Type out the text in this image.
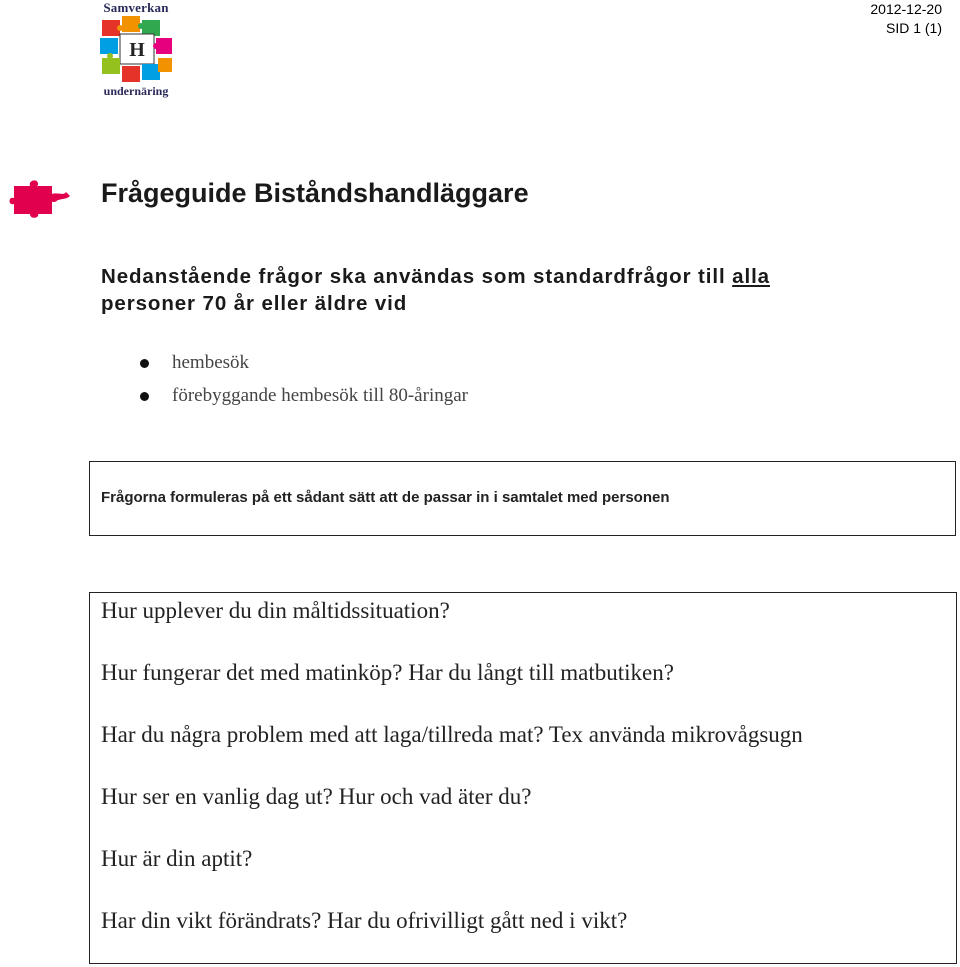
Samverkan
H
undernäring
2012-12-20
SID 1 (1)
Frågeguide Biståndshandläggare
Nedanstående frågor ska användas som standardfrågor till alla
personer 70 år eller äldre vid
hembesök
förebyggande hembesök till 80-åringar
Frågorna formuleras på ett sådant sätt att de passar in i samtalet med personen
Hur upplever du din måltidssituation?
Hur fungerar det med matinköp? Har du långt till matbutiken?
Har du några problem med att laga/tillreda mat? Tex använda mikrovågsugn
Hur ser en vanlig dag ut? Hur och vad äter du?
Hur är din aptit?
Har din vikt förändrats? Har du ofrivilligt gått ned i vikt?
